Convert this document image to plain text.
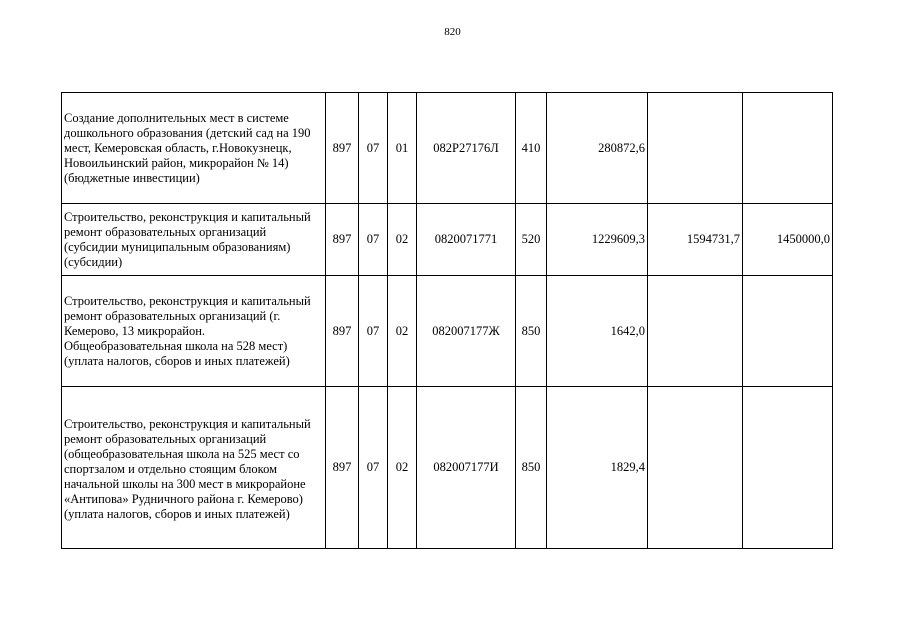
820
Создание дополнительных мест в системе дошкольного образования (детский сад на 190 мест, Кемеровская область, г.Новокузнецк, Новоильинский район, микрорайон № 14) (бюджетные инвестиции)	897	07	01	082Р27176Л	410	280872,6		
Строительство, реконструкция и капитальный ремонт образовательных организаций (субсидии муниципальным образованиям) (субсидии)	897	07	02	0820071771	520	1229609,3	1594731,7	1450000,0
Строительство, реконструкция и капитальный ремонт образовательных организаций (г. Кемерово, 13 микрорайон. Общеобразовательная школа на 528 мест) (уплата налогов, сборов и иных платежей)	897	07	02	082007177Ж	850	1642,0		
Строительство, реконструкция и капитальный ремонт образовательных организаций (общеобразовательная школа на 525 мест со спортзалом и отдельно стоящим блоком начальной школы на 300 мест в микрорайоне «Антипова» Рудничного района г. Кемерово) (уплата налогов, сборов и иных платежей)	897	07	02	082007177И	850	1829,4		
